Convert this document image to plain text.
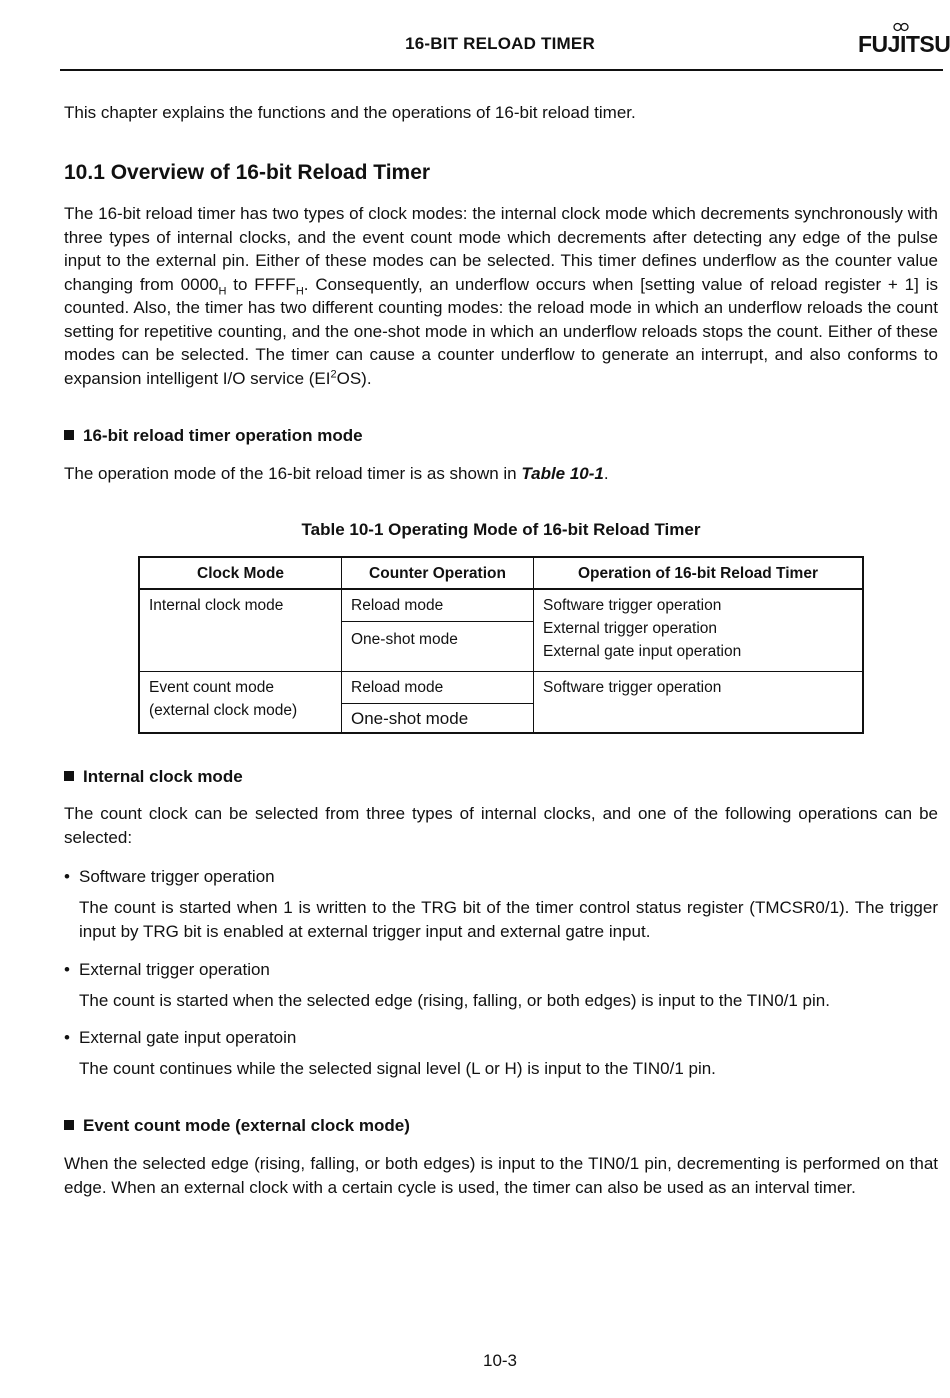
16-BIT RELOAD TIMER	FUJITSU
This chapter explains the functions and the operations of 16-bit reload timer.
10.1 Overview of 16-bit Reload Timer
The 16-bit reload timer has two types of clock modes: the internal clock mode which decrements synchronously with three types of internal clocks, and the event count mode which decrements after detecting any edge of the pulse input to the external pin. Either of these modes can be selected. This timer defines underflow as the counter value changing from $0000_H$ to $FFFF_H$. Consequently, an underflow occurs when [setting value of reload register + 1] is counted. Also, the timer has two different counting modes: the reload mode in which an underflow reloads the count setting for repetitive counting, and the one-shot mode in which an underflow reloads stops the count. Either of these modes can be selected. The timer can cause a counter underflow to generate an interrupt, and also conforms to expansion intelligent I/O service $(EI^2OS)$.
16-bit reload timer operation mode
The operation mode of the 16-bit reload timer is as shown in Table 10-1.
Table 10-1 Operating Mode of 16-bit Reload Timer
Clock Mode	Counter Operation	Operation of 16-bit Reload Timer
Internal clock mode	Reload mode	Software trigger operation
External trigger operation
External gate input operation

	One-shot mode	

Event count mode
(external clock mode)	Reload mode	Software trigger operation
	One-shot mode	
Internal clock mode
The count clock can be selected from three types of internal clocks, and one of the following operations can be selected:
• Software trigger operation
The count is started when 1 is written to the TRG bit of the timer control status register (TMCSR0/1). The trigger input by TRG bit is enabled at external trigger input and external gatre input.
• External trigger operation
The count is started when the selected edge (rising, falling, or both edges) is input to the TIN0/1 pin.
• External gate input operatoin
The count continues while the selected signal level (L or H) is input to the TIN0/1 pin.
Event count mode (external clock mode)
When the selected edge (rising, falling, or both edges) is input to the TIN0/1 pin, decrementing is performed on that edge. When an external clock with a certain cycle is used, the timer can also be used as an interval timer.
10-3
